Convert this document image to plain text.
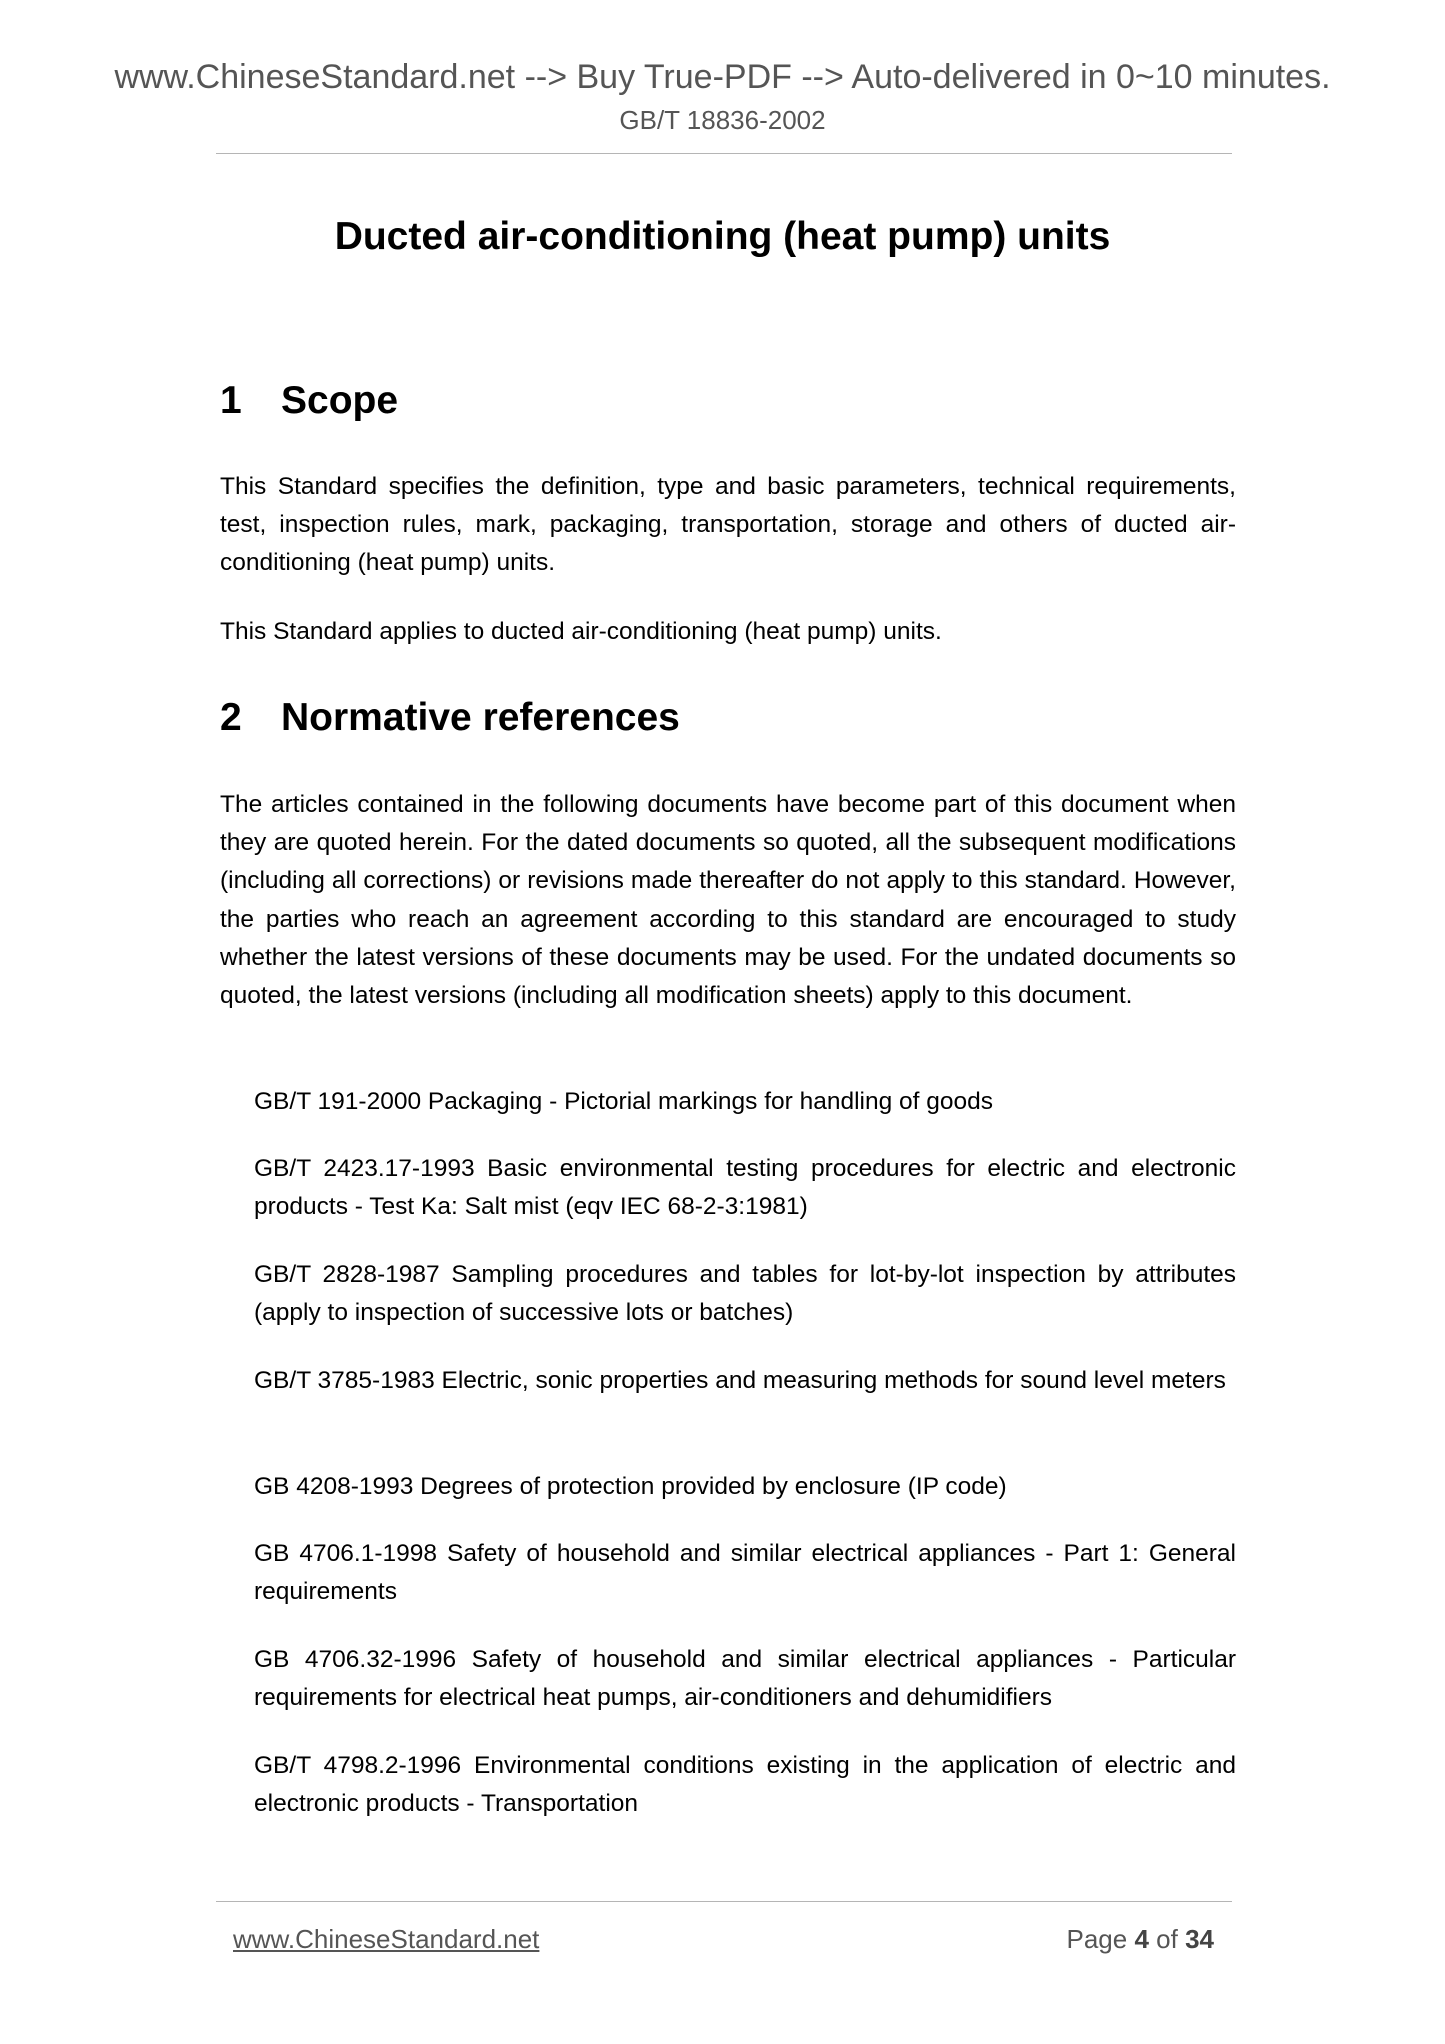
www.ChineseStandard.net --> Buy True-PDF --> Auto-delivered in 0~10 minutes.
GB/T 18836-2002
Ducted air-conditioning (heat pump) units
1 Scope
This Standard specifies the definition, type and basic parameters, technical requirements, test, inspection rules, mark, packaging, transportation, storage and others of ducted air-conditioning (heat pump) units.
This Standard applies to ducted air-conditioning (heat pump) units.
2 Normative references
The articles contained in the following documents have become part of this document when they are quoted herein. For the dated documents so quoted, all the subsequent modifications (including all corrections) or revisions made thereafter do not apply to this standard. However, the parties who reach an agreement according to this standard are encouraged to study whether the latest versions of these documents may be used. For the undated documents so quoted, the latest versions (including all modification sheets) apply to this document.
GB/T 191-2000 Packaging - Pictorial markings for handling of goods
GB/T 2423.17-1993 Basic environmental testing procedures for electric and electronic products - Test Ka: Salt mist (eqv IEC 68-2-3:1981)
GB/T 2828-1987 Sampling procedures and tables for lot-by-lot inspection by attributes (apply to inspection of successive lots or batches)
GB/T 3785-1983 Electric, sonic properties and measuring methods for sound level meters
GB 4208-1993 Degrees of protection provided by enclosure (IP code)
GB 4706.1-1998 Safety of household and similar electrical appliances - Part 1: General requirements
GB 4706.32-1996 Safety of household and similar electrical appliances - Particular requirements for electrical heat pumps, air-conditioners and dehumidifiers
GB/T 4798.2-1996 Environmental conditions existing in the application of electric and electronic products - Transportation
www.ChineseStandard.net	Page 4 of 34
